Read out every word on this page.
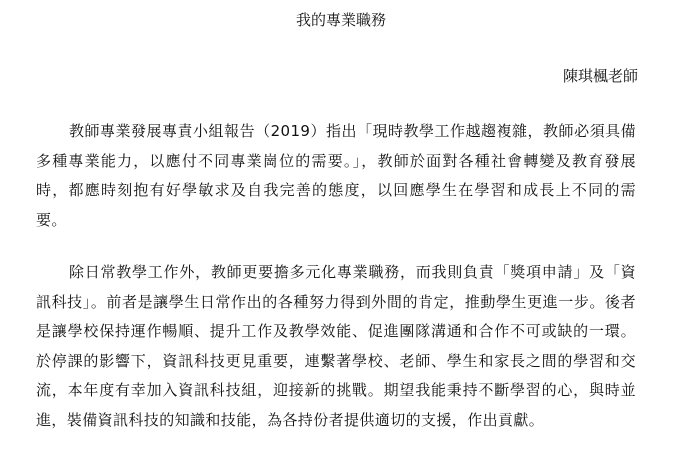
我的專業職務
陳琪楓老師

教師專業發展專責小組報告（2019）指出「現時教學工作越趨複雜，教師必須具備多種專業能力，以應付不同專業崗位的需要。」，教師於面對各種社會轉變及教育發展時，都應時刻抱有好學敏求及自我完善的態度，以回應學生在學習和成長上不同的需要。

除日常教學工作外，教師更要擔多元化專業職務，而我則負責「獎項申請」及「資訊科技」。前者是讓學生日常作出的各種努力得到外間的肯定，推動學生更進一步。後者是讓學校保持運作暢順、提升工作及教學效能、促進團隊溝通和合作不可或缺的一環。於停課的影響下，資訊科技更見重要，連繫著學校、老師、學生和家長之間的學習和交流，本年度有幸加入資訊科技組，迎接新的挑戰。期望我能秉持不斷學習的心，與時並進，裝備資訊科技的知識和技能，為各持份者提供適切的支援，作出貢獻。
